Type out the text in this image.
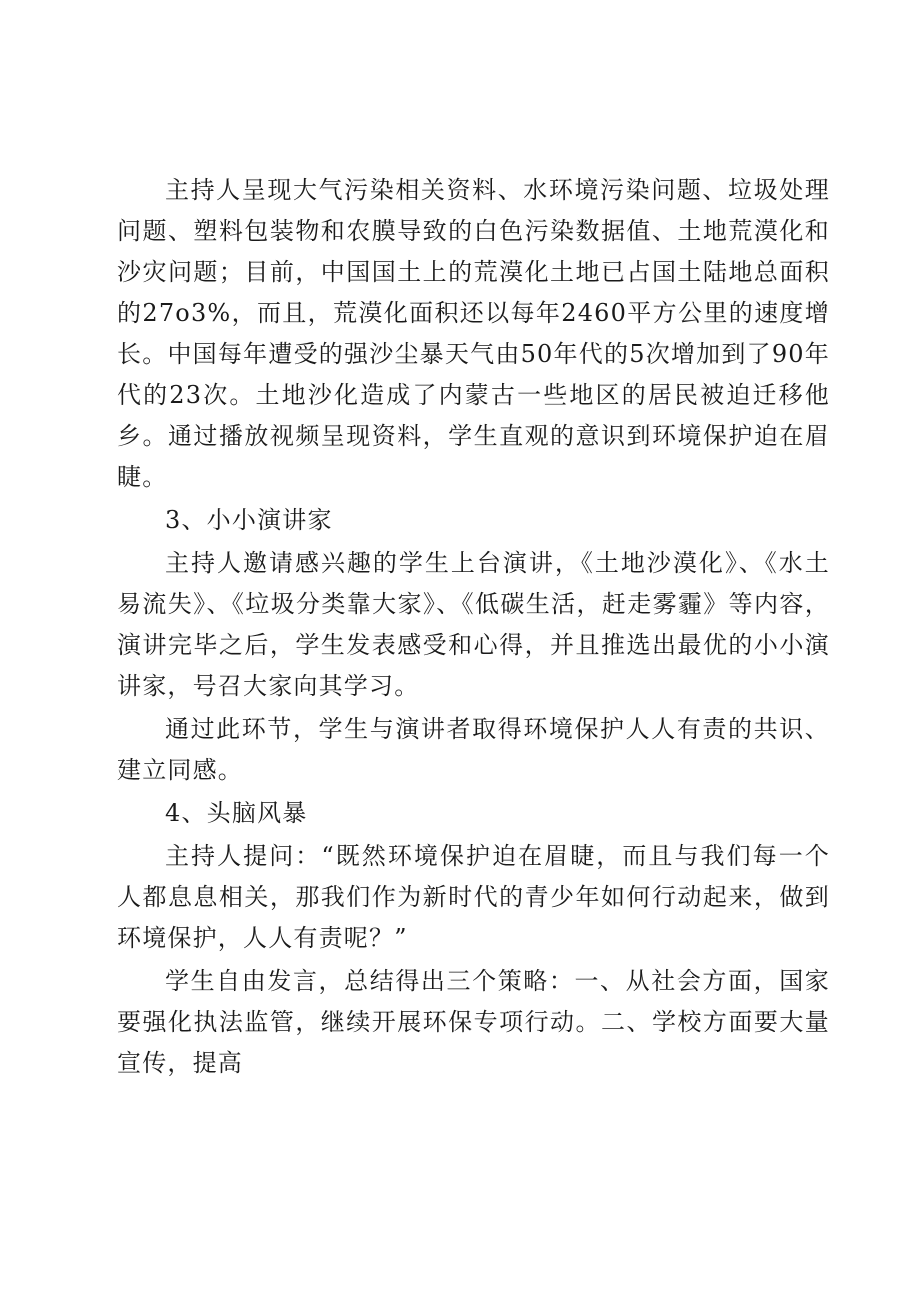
主持人呈现大气污染相关资料、水环境污染问题、垃圾处理问题、塑料包装物和农膜导致的白色污染数据值、土地荒漠化和沙灾问题；目前，中国国土上的荒漠化土地已占国土陆地总面积的27o3%，而且，荒漠化面积还以每年2460平方公里的速度增长。中国每年遭受的强沙尘暴天气由50年代的5次增加到了90年代的23次。土地沙化造成了内蒙古一些地区的居民被迫迁移他乡。通过播放视频呈现资料，学生直观的意识到环境保护迫在眉睫。

3、小小演讲家

主持人邀请感兴趣的学生上台演讲，《土地沙漠化》、《水土易流失》、《垃圾分类靠大家》、《低碳生活，赶走雾霾》等内容，演讲完毕之后，学生发表感受和心得，并且推选出最优的小小演讲家，号召大家向其学习。

通过此环节，学生与演讲者取得环境保护人人有责的共识、建立同感。

4、头脑风暴

主持人提问：“既然环境保护迫在眉睫，而且与我们每一个人都息息相关，那我们作为新时代的青少年如何行动起来，做到环境保护，人人有责呢？”

学生自由发言，总结得出三个策略：一、从社会方面，国家要强化执法监管，继续开展环保专项行动。二、学校方面要大量宣传，提高
